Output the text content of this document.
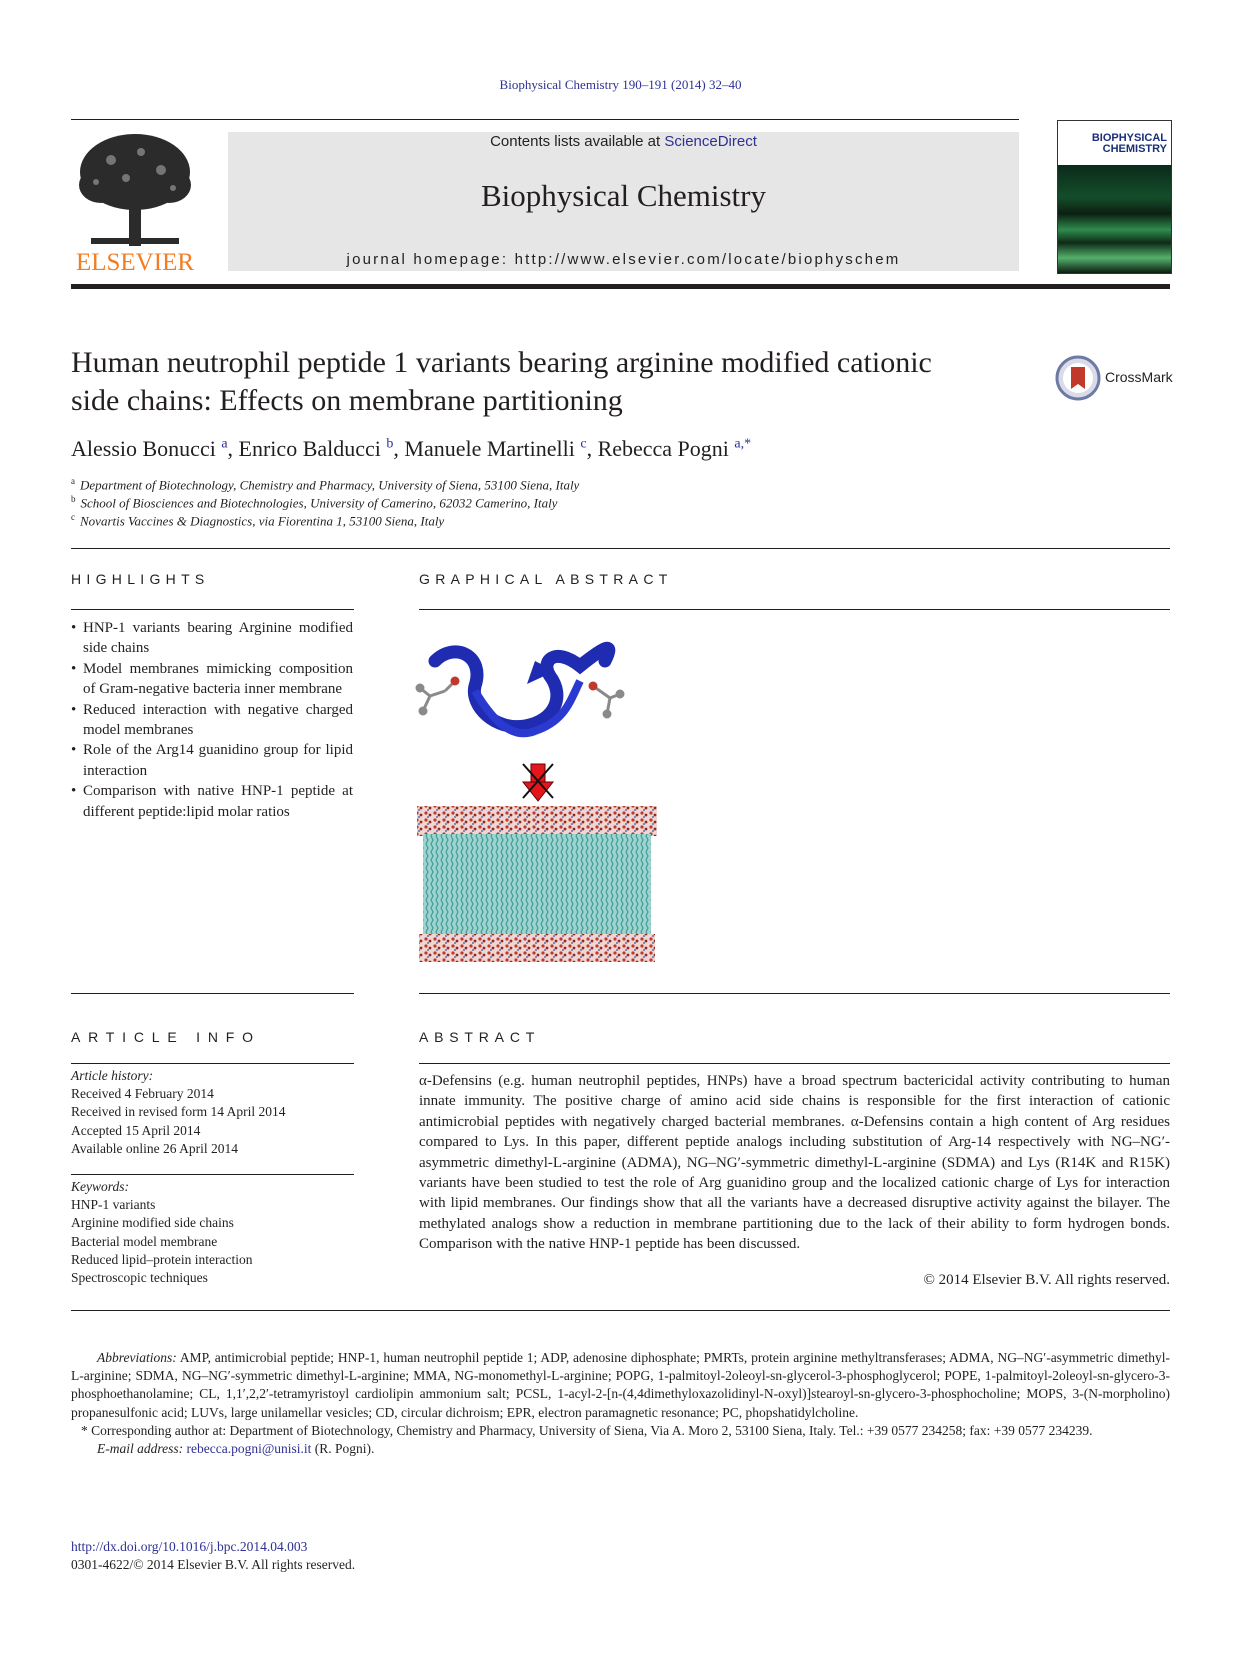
Biophysical Chemistry 190–191 (2014) 32–40
ELSEVIER
Contents lists available at ScienceDirect
Biophysical Chemistry
journal homepage: http://www.elsevier.com/locate/biophyschem
BIOPHYSICAL
CHEMISTRY
Human neutrophil peptide 1 variants bearing arginine modified cationic
side chains: Effects on membrane partitioning
CrossMark
Alessio Bonucci $^a$, Enrico Balducci $^b$, Manuele Martinelli $^c$, Rebecca Pogni $^{a,*}$
$^a$ Department of Biotechnology, Chemistry and Pharmacy, University of Siena, 53100 Siena, Italy
$^b$ School of Biosciences and Biotechnologies, University of Camerino, 62032 Camerino, Italy
$^c$ Novartis Vaccines & Diagnostics, via Fiorentina 1, 53100 Siena, Italy
HIGHLIGHTS
• HNP-1 variants bearing Arginine modified side chains
• Model membranes mimicking composition of Gram-negative bacteria inner membrane
• Reduced interaction with negative charged model membranes
• Role of the Arg14 guanidino group for lipid interaction
• Comparison with native HNP-1 peptide at different peptide:lipid molar ratios
GRAPHICAL ABSTRACT
ARTICLE INFO
Article history:
Received 4 February 2014
Received in revised form 14 April 2014
Accepted 15 April 2014
Available online 26 April 2014
Keywords:
HNP-1 variants
Arginine modified side chains
Bacterial model membrane
Reduced lipid–protein interaction
Spectroscopic techniques
ABSTRACT
α-Defensins (e.g. human neutrophil peptides, HNPs) have a broad spectrum bactericidal activity contributing to human innate immunity. The positive charge of amino acid side chains is responsible for the first interaction of cationic antimicrobial peptides with negatively charged bacterial membranes. α-Defensins contain a high content of Arg residues compared to Lys. In this paper, different peptide analogs including substitution of Arg-14 respectively with NG–NG′-asymmetric dimethyl-L-arginine (ADMA), NG–NG′-symmetric dimethyl-L-arginine (SDMA) and Lys (R14K and R15K) variants have been studied to test the role of Arg guanidino group and the localized cationic charge of Lys for interaction with lipid membranes. Our findings show that all the variants have a decreased disruptive activity against the bilayer. The methylated analogs show a reduction in membrane partitioning due to the lack of their ability to form hydrogen bonds. Comparison with the native HNP-1 peptide has been discussed.
© 2014 Elsevier B.V. All rights reserved.

Abbreviations: AMP, antimicrobial peptide; HNP-1, human neutrophil peptide 1; ADP, adenosine diphosphate; PMRTs, protein arginine methyltransferases; ADMA, NG–NG′-asymmetric dimethyl-L-arginine; SDMA, NG–NG′-symmetric dimethyl-L-arginine; MMA, NG-monomethyl-L-arginine; POPG, 1-palmitoyl-2oleoyl-sn-glycerol-3-phosphoglycerol; POPE, 1-palmitoyl-2oleoyl-sn-glycero-3-phosphoethanolamine; CL, 1,1′,2,2′-tetramyristoyl cardiolipin ammonium salt; PCSL, 1-acyl-2-[n-(4,4dimethyloxazolidinyl-N-oxyl)]stearoyl-sn-glycero-3-phosphocholine; MOPS, 3-(N-morpholino) propanesulfonic acid; LUVs, large unilamellar vesicles; CD, circular dichroism; EPR, electron paramagnetic resonance; PC, phopshatidylcholine.

* Corresponding author at: Department of Biotechnology, Chemistry and Pharmacy, University of Siena, Via A. Moro 2, 53100 Siena, Italy. Tel.: +39 0577 234258; fax: +39 0577 234239.

E-mail address: rebecca.pogni@unisi.it (R. Pogni).

http://dx.doi.org/10.1016/j.bpc.2014.04.003
0301-4622/© 2014 Elsevier B.V. All rights reserved.
